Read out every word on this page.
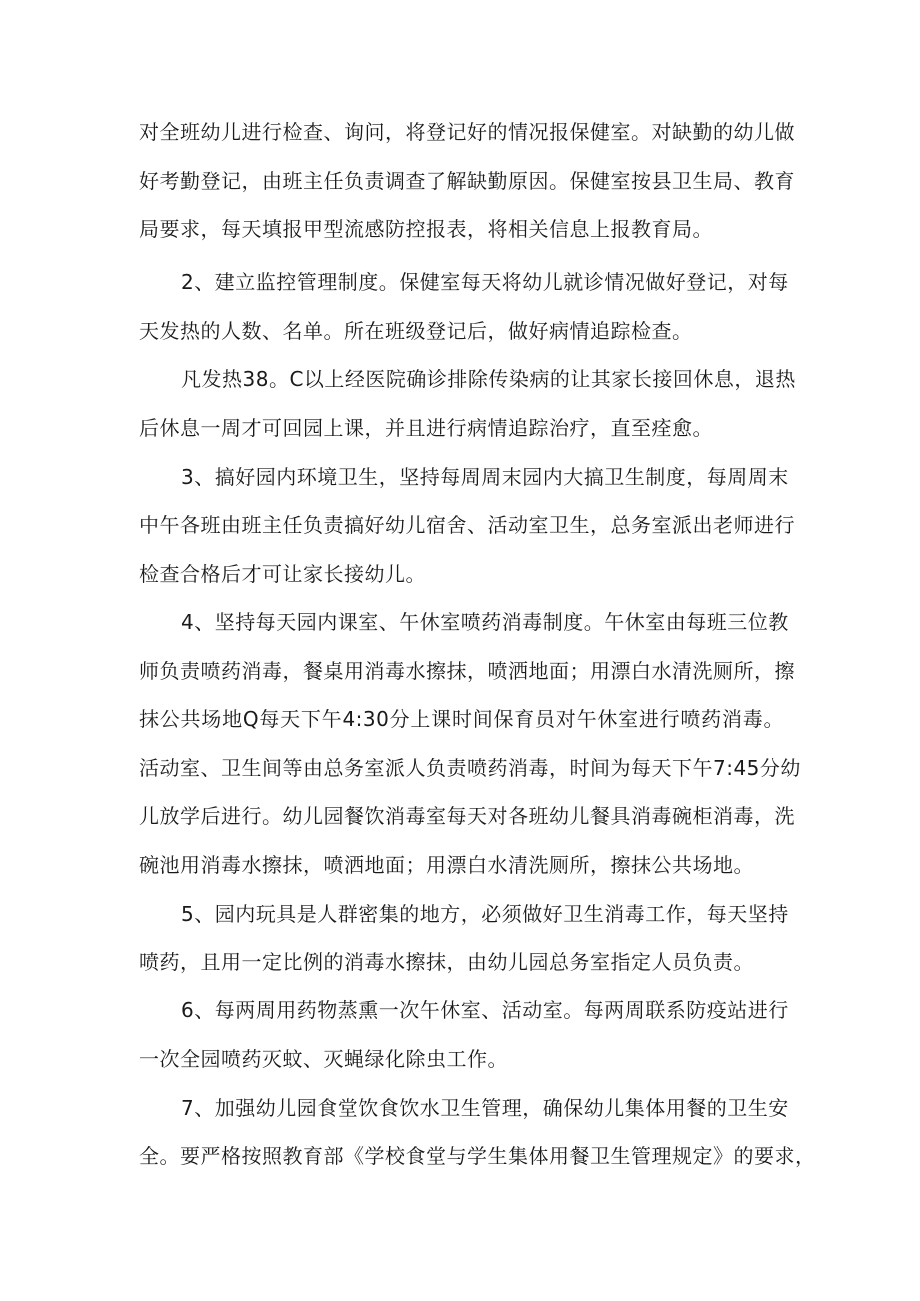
对全班幼儿进行检查、询问，将登记好的情况报保健室。对缺勤的幼儿做
好考勤登记，由班主任负责调查了解缺勤原因。保健室按县卫生局、教育
局要求，每天填报甲型流感防控报表，将相关信息上报教育局。
2、建立监控管理制度。保健室每天将幼儿就诊情况做好登记，对每
天发热的人数、名单。所在班级登记后，做好病情追踪检查。
凡发热38。C以上经医院确诊排除传染病的让其家长接回休息，退热
后休息一周才可回园上课，并且进行病情追踪治疗，直至痊愈。
3、搞好园内环境卫生，坚持每周周末园内大搞卫生制度，每周周末
中午各班由班主任负责搞好幼儿宿舍、活动室卫生，总务室派出老师进行
检查合格后才可让家长接幼儿。
4、坚持每天园内课室、午休室喷药消毒制度。午休室由每班三位教
师负责喷药消毒，餐桌用消毒水擦抹，喷洒地面；用漂白水清洗厕所，擦
抹公共场地Q每天下午4:30分上课时间保育员对午休室进行喷药消毒。
活动室、卫生间等由总务室派人负责喷药消毒，时间为每天下午7:45分幼
儿放学后进行。幼儿园餐饮消毒室每天对各班幼儿餐具消毒碗柜消毒，洗
碗池用消毒水擦抹，喷洒地面；用漂白水清洗厕所，擦抹公共场地。
5、园内玩具是人群密集的地方，必须做好卫生消毒工作，每天坚持
喷药，且用一定比例的消毒水擦抹，由幼儿园总务室指定人员负责。
6、每两周用药物蒸熏一次午休室、活动室。每两周联系防疫站进行
一次全园喷药灭蚊、灭蝇绿化除虫工作。
7、加强幼儿园食堂饮食饮水卫生管理，确保幼儿集体用餐的卫生安
全。要严格按照教育部《学校食堂与学生集体用餐卫生管理规定》的要求，
